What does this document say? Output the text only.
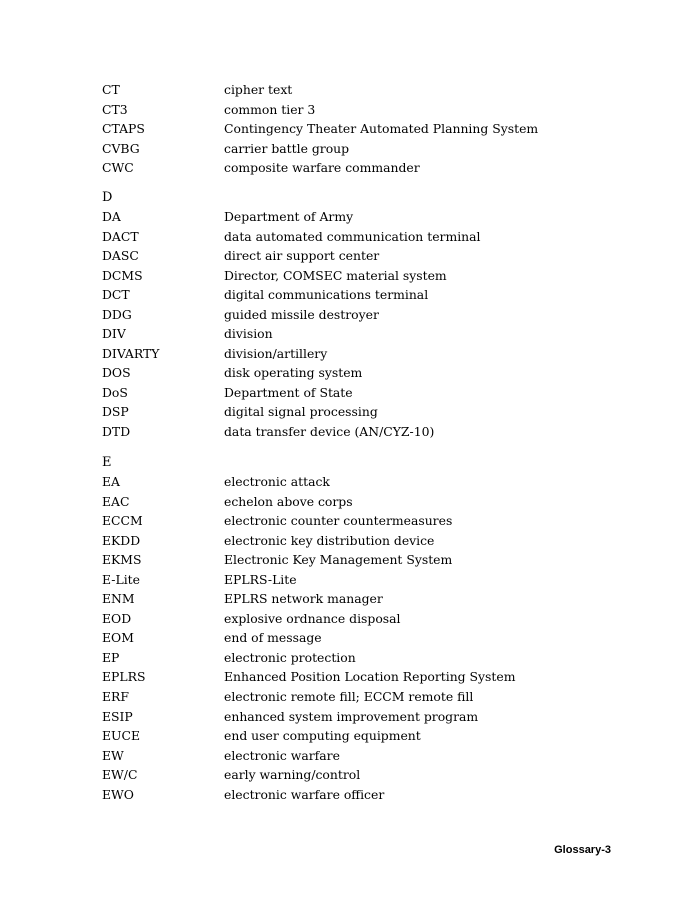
CT	cipher text
CT3	common tier 3
CTAPS	Contingency Theater Automated Planning System
CVBG	carrier battle group
CWC	composite warfare commander
D
DA	Department of Army
DACT	data automated communication terminal
DASC	direct air support center
DCMS	Director, COMSEC material system
DCT	digital communications terminal
DDG	guided missile destroyer
DIV	division
DIVARTY	division/artillery
DOS	disk operating system
DoS	Department of State
DSP	digital signal processing
DTD	data transfer device (AN/CYZ-10)
E
EA	electronic attack
EAC	echelon above corps
ECCM	electronic counter countermeasures
EKDD	electronic key distribution device
EKMS	Electronic Key Management System
E-Lite	EPLRS-Lite
ENM	EPLRS network manager
EOD	explosive ordnance disposal
EOM	end of message
EP	electronic protection
EPLRS	Enhanced Position Location Reporting System
ERF	electronic remote fill; ECCM remote fill
ESIP	enhanced system improvement program
EUCE	end user computing equipment
EW	electronic warfare
EW/C	early warning/control
EWO	electronic warfare officer
Glossary-3
